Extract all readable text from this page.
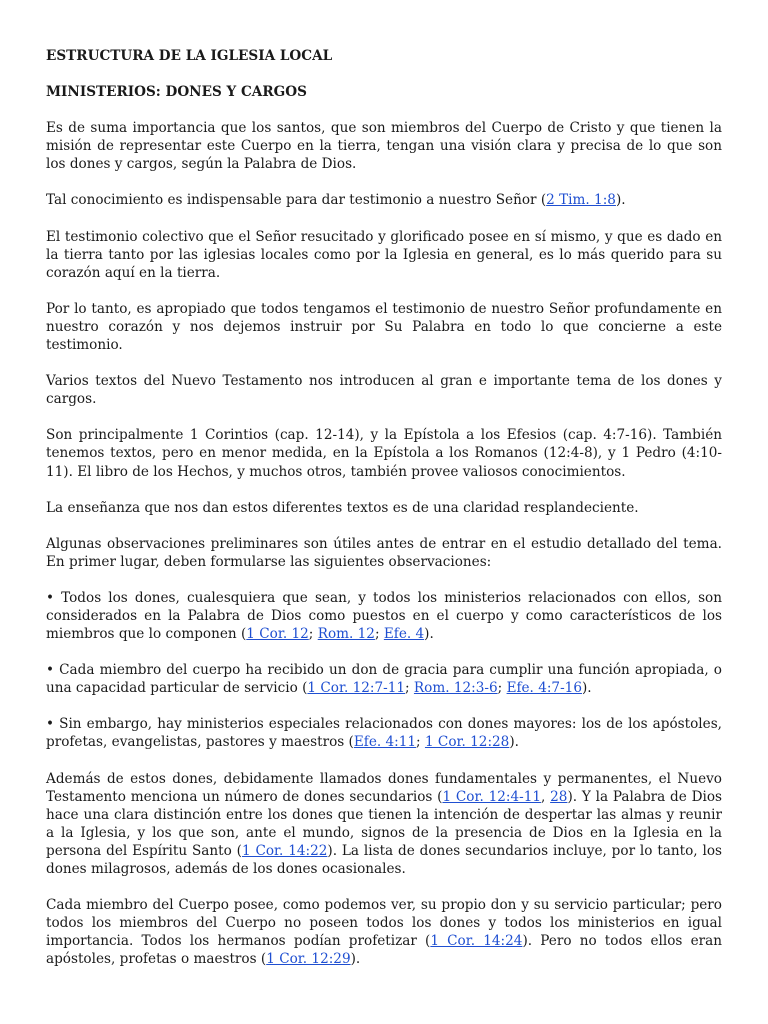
ESTRUCTURA DE LA IGLESIA LOCAL
MINISTERIOS: DONES Y CARGOS

Es de suma importancia que los santos, que son miembros del Cuerpo de Cristo y que tienen la misión de representar este Cuerpo en la tierra, tengan una visión clara y precisa de lo que son los dones y cargos, según la Palabra de Dios.

Tal conocimiento es indispensable para dar testimonio a nuestro Señor (2 Tim. 1:8).

El testimonio colectivo que el Señor resucitado y glorificado posee en sí mismo, y que es dado en la tierra tanto por las iglesias locales como por la Iglesia en general, es lo más querido para su corazón aquí en la tierra.

Por lo tanto, es apropiado que todos tengamos el testimonio de nuestro Señor profundamente en nuestro corazón y nos dejemos instruir por Su Palabra en todo lo que concierne a este testimonio.

Varios textos del Nuevo Testamento nos introducen al gran e importante tema de los dones y cargos.

Son principalmente 1 Corintios (cap. 12-14), y la Epístola a los Efesios (cap. 4:7-16). También tenemos textos, pero en menor medida, en la Epístola a los Romanos (12:4-8), y 1 Pedro (4:10-11). El libro de los Hechos, y muchos otros, también provee valiosos conocimientos.

La enseñanza que nos dan estos diferentes textos es de una claridad resplandeciente.

Algunas observaciones preliminares son útiles antes de entrar en el estudio detallado del tema. En primer lugar, deben formularse las siguientes observaciones:

• Todos los dones, cualesquiera que sean, y todos los ministerios relacionados con ellos, son considerados en la Palabra de Dios como puestos en el cuerpo y como característicos de los miembros que lo componen (1 Cor. 12; Rom. 12; Efe. 4).

• Cada miembro del cuerpo ha recibido un don de gracia para cumplir una función apropiada, o una capacidad particular de servicio (1 Cor. 12:7-11; Rom. 12:3-6; Efe. 4:7-16).

• Sin embargo, hay ministerios especiales relacionados con dones mayores: los de los apóstoles, profetas, evangelistas, pastores y maestros (Efe. 4:11; 1 Cor. 12:28).

Además de estos dones, debidamente llamados dones fundamentales y permanentes, el Nuevo Testamento menciona un número de dones secundarios (1 Cor. 12:4-11, 28). Y la Palabra de Dios hace una clara distinción entre los dones que tienen la intención de despertar las almas y reunir a la Iglesia, y los que son, ante el mundo, signos de la presencia de Dios en la Iglesia en la persona del Espíritu Santo (1 Cor. 14:22). La lista de dones secundarios incluye, por lo tanto, los dones milagrosos, además de los dones ocasionales.

Cada miembro del Cuerpo posee, como podemos ver, su propio don y su servicio particular; pero todos los miembros del Cuerpo no poseen todos los dones y todos los ministerios en igual importancia. Todos los hermanos podían profetizar (1 Cor. 14:24). Pero no todos ellos eran apóstoles, profetas o maestros (1 Cor. 12:29).
